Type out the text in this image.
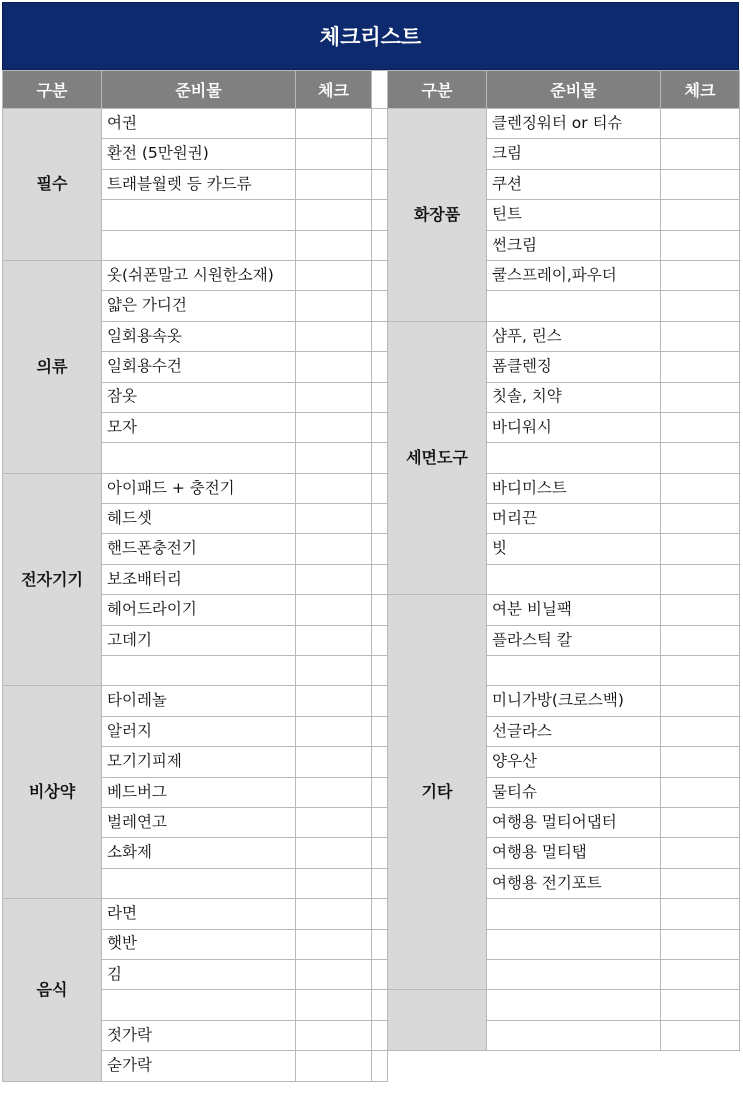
체크리스트
구분	준비물	체크		구분	준비물	체크
필수	여권			화장품	클렌징워터 or 티슈	
	환전 (5만원권)				크림	
	트래블월렛 등 카드류				쿠션	
					틴트	
					썬크림	
의류	옷(쉬폰말고 시원한소재)				쿨스프레이,파우더	
	얇은 가디건					
	일회용속옷			세면도구	샴푸, 린스	
	일회용수건				폼클렌징	
	잠옷				칫솔, 치약	
	모자				바디워시	

전자기기	아이패드 + 충전기				바디미스트	
	헤드셋				머리끈	
	핸드폰충전기				빗	
	보조배터리					
	헤어드라이기			기타	여분 비닐팩	
	고데기				플라스틱 칼	

비상약	타이레놀				미니가방(크로스백)	
	알러지				선글라스	
	모기기피제				양우산	
	베드버그				물티슈	
	벌레연고				여행용 멀티어댑터	
	소화제				여행용 멀티탭	
					여행용 전기포트	
음식	라면					
	햇반					
	김					

	젓가락					
	숟가락					
